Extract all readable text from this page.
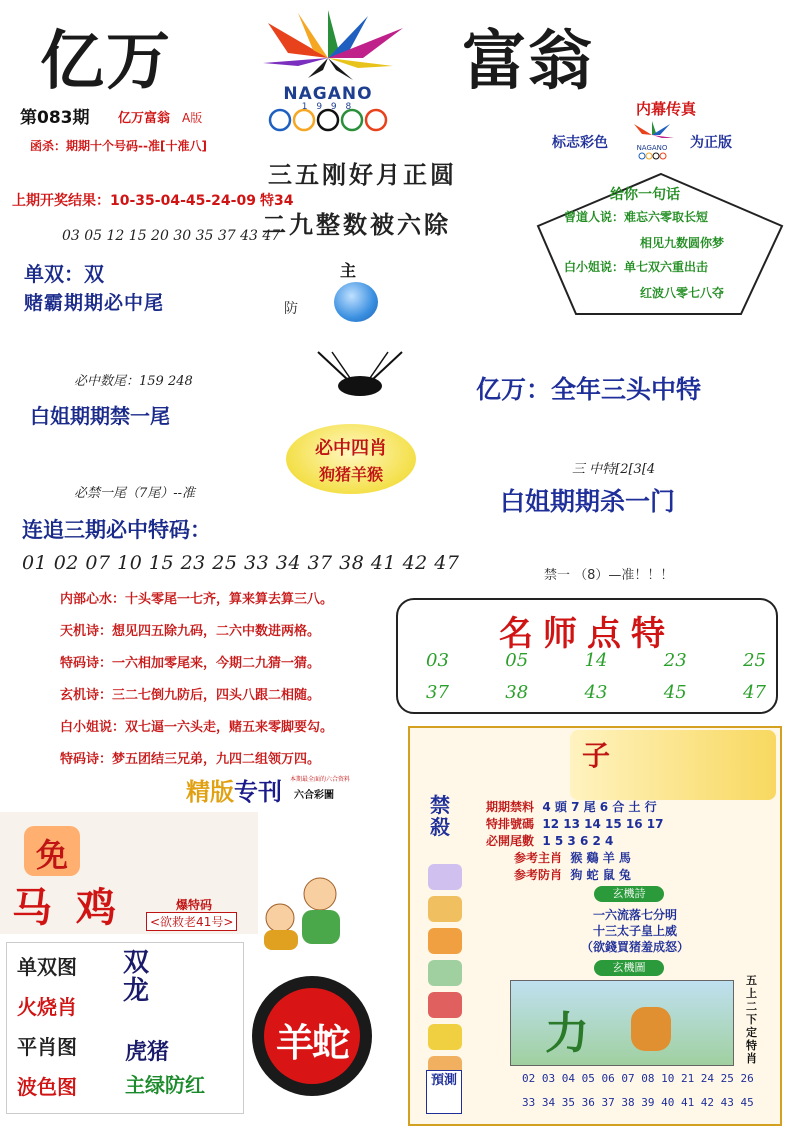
亿万	富翁
NAGANO
1 9 9 8
第083期 亿万富翁 A版
函杀：期期十个号码--准[十准八]
内幕传真
标志彩色	NAGANO 为正版
上期开奖结果：10-35-04-45-24-09 特34
三五刚好月正圆
二九整数被六除
03 05 12 15 20 30 35 37 43 47
给你一句话
曾道人说：难忘六零取长短
相见九数圆你梦
白小姐说：单七双六重出击
红波八零七八夺
单双：双
赌霸期期必中尾
主
防
必中数尾：159 248
白姐期期禁一尾
亿万：全年三头中特
必中四肖
狗猪羊猴	三 中特[2[3[4
必禁一尾（7尾）--准	白姐期期杀一门
连追三期必中特码：
01 02 07 10 15 23 25 33 34 37 38 41 42 47
禁一 （8）—准！！！
内部心水：十头零尾一七齐，算来算去算三八。
天机诗：想见四五除九码，二六中数进两格。
特码诗：一六相加零尾来，今期二九猜一猜。
玄机诗：三二七倒九防后，四头八跟二相随。
白小姐说：双七逼一六头走，赌五来零脚要勾。
特码诗：梦五团结三兄弟，九四二组领万四。
名师点特
03	05	14	23	25
37	38	43	45	47
精版专刊 本期最全面的六合资料
六合彩圖
免
马 鸡	爆特码
<欲救老41号>
单双图
火烧肖
平肖图
波色图
双龙
虎猪
主绿防红
羊蛇
子
禁殺
期期禁料 4 頭 7 尾 6 合 土 行
特排號碼 12 13 14 15 16 17
必開尾數 1 5 3 6 2 4
参考主肖 猴 鷄 羊 馬
参考防肖 狗 蛇 鼠 兔
玄機詩
一六流落七分明
十三太子皇上威
（欲錢買猪羞成怒）
玄機圖
力
五上二下定特肖
預測	02 03 04 05 06 07 08 10 21 24 25 26
33 34 35 36 37 38 39 40 41 42 43 45
